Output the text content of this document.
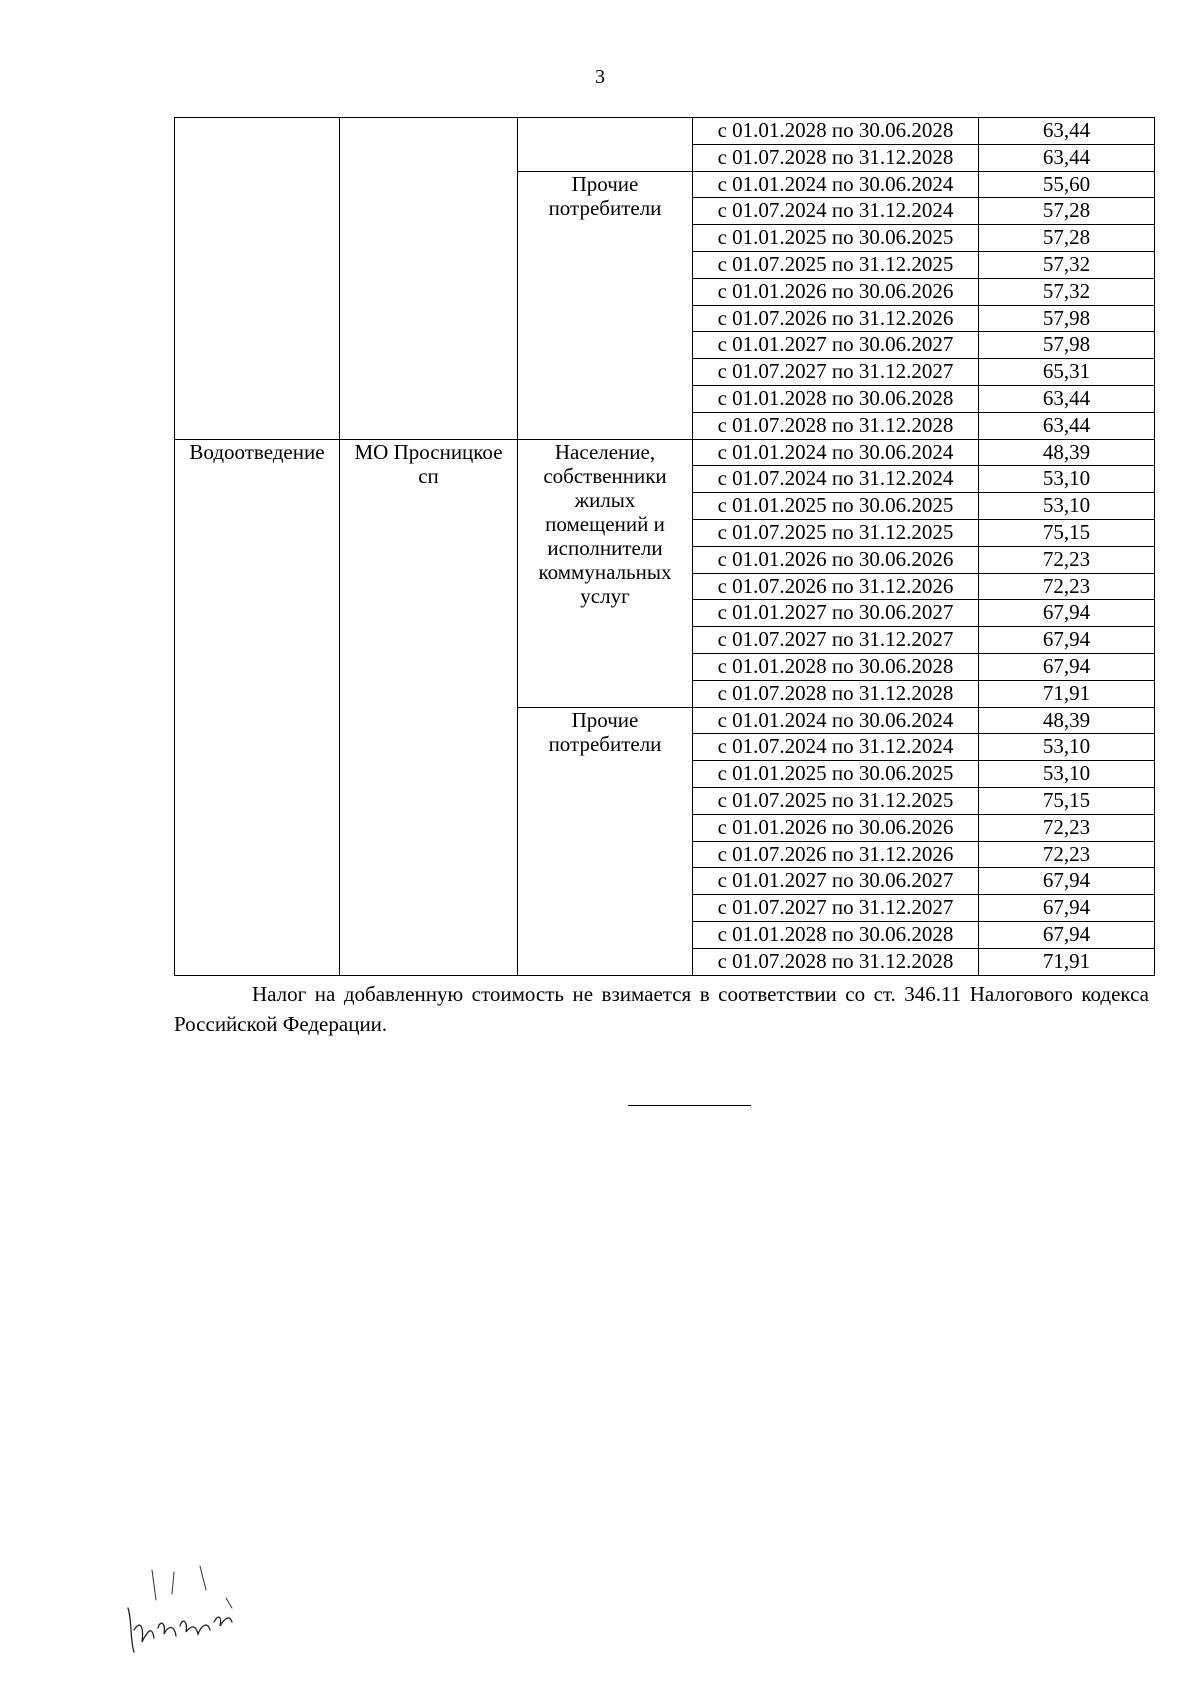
3
			с 01.01.2028 по 30.06.2028	63,44
			с 01.07.2028 по 31.12.2028	63,44

		Прочие потребители	с 01.01.2024 по 30.06.2024	55,60
			с 01.07.2024 по 31.12.2024	57,28
			с 01.01.2025 по 30.06.2025	57,28
			с 01.07.2025 по 31.12.2025	57,32
			с 01.01.2026 по 30.06.2026	57,32
			с 01.07.2026 по 31.12.2026	57,98
			с 01.01.2027 по 30.06.2027	57,98
			с 01.07.2027 по 31.12.2027	65,31
			с 01.01.2028 по 30.06.2028	63,44
			с 01.07.2028 по 31.12.2028	63,44

Водоотведение	МО Просницкое сп	Население, собственники жилых помещений и исполнители коммунальных услуг	с 01.01.2024 по 30.06.2024	48,39
			с 01.07.2024 по 31.12.2024	53,10
			с 01.01.2025 по 30.06.2025	53,10
			с 01.07.2025 по 31.12.2025	75,15
			с 01.01.2026 по 30.06.2026	72,23
			с 01.07.2026 по 31.12.2026	72,23
			с 01.01.2027 по 30.06.2027	67,94
			с 01.07.2027 по 31.12.2027	67,94
			с 01.01.2028 по 30.06.2028	67,94
			с 01.07.2028 по 31.12.2028	71,91

		Прочие потребители	с 01.01.2024 по 30.06.2024	48,39
			с 01.07.2024 по 31.12.2024	53,10
			с 01.01.2025 по 30.06.2025	53,10
			с 01.07.2025 по 31.12.2025	75,15
			с 01.01.2026 по 30.06.2026	72,23
			с 01.07.2026 по 31.12.2026	72,23
			с 01.01.2027 по 30.06.2027	67,94
			с 01.07.2027 по 31.12.2027	67,94
			с 01.01.2028 по 30.06.2028	67,94
			с 01.07.2028 по 31.12.2028	71,91
Налог на добавленную стоимость не взимается в соответствии со ст. 346.11 Налогового кодекса Российской Федерации.
